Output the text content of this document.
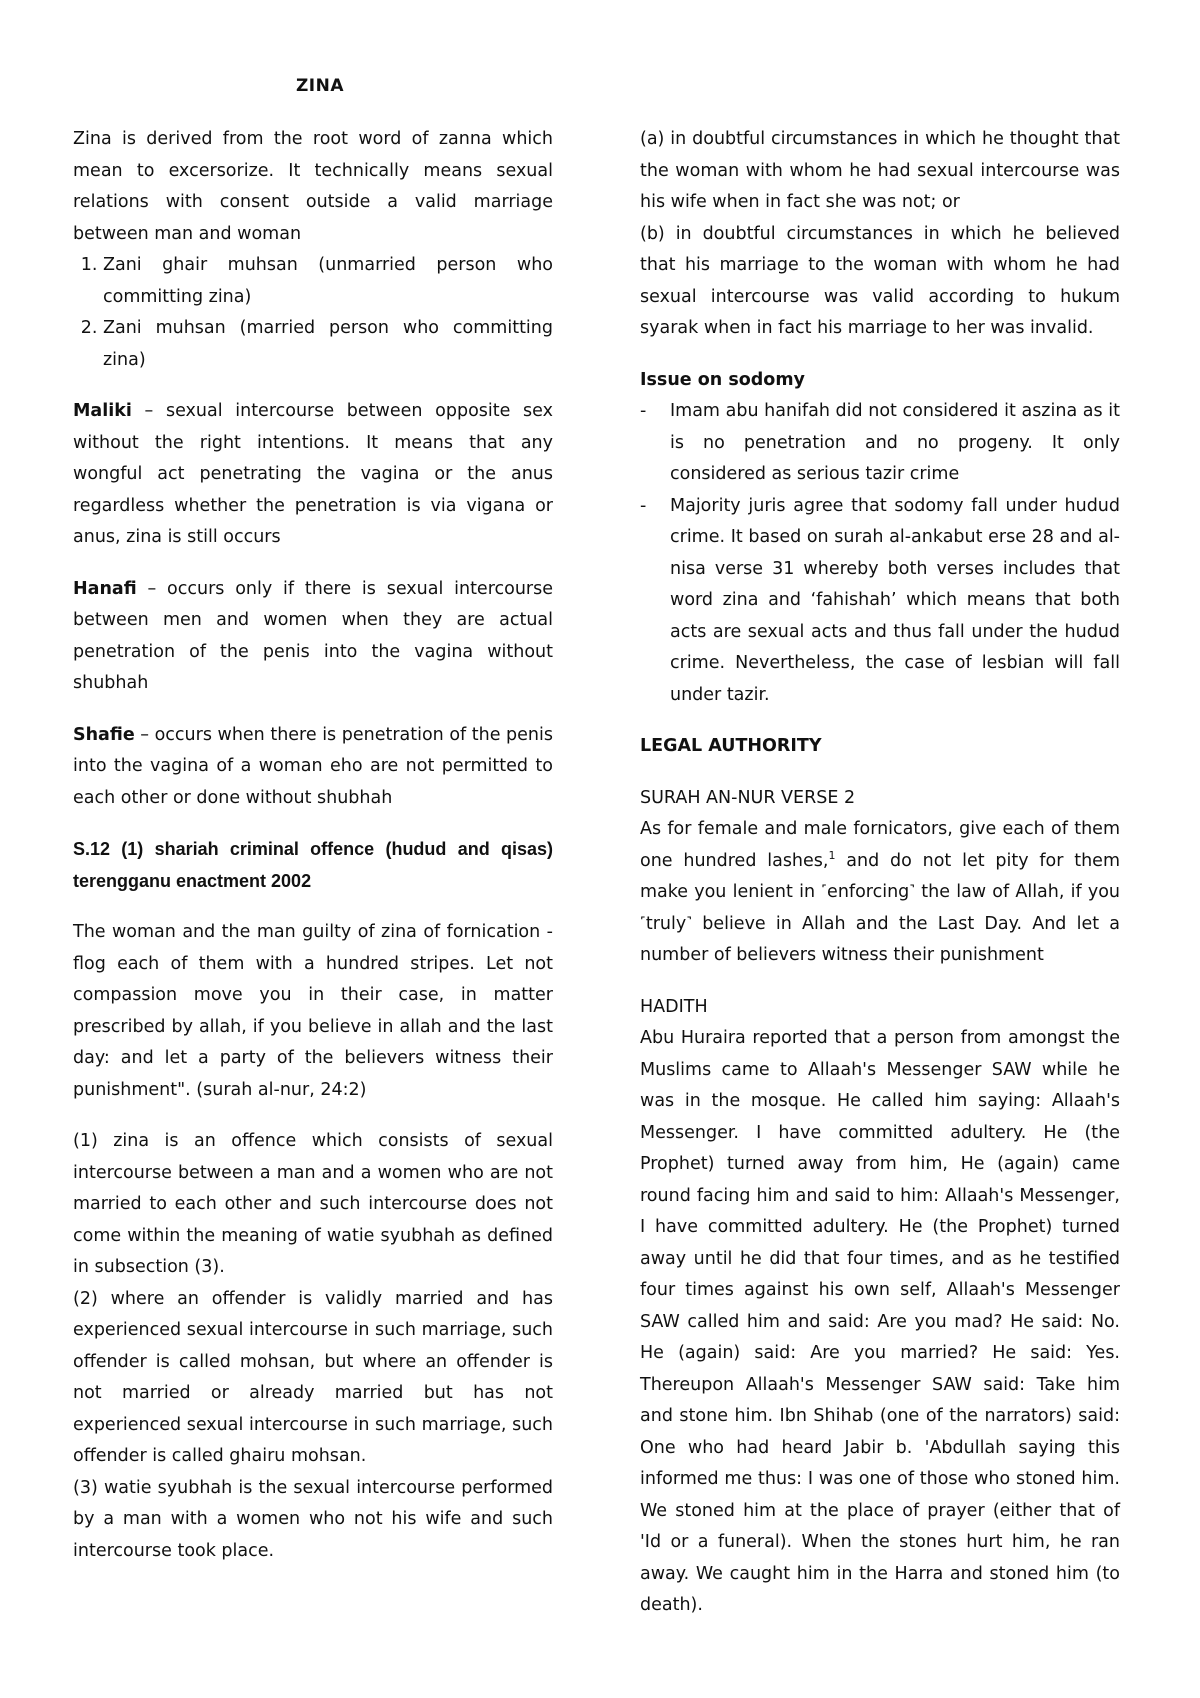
ZINA

Zina is derived from the root word of zanna which mean to excersorize. It technically means sexual relations with consent outside a valid marriage between man and woman

1. Zani ghair muhsan (unmarried person who committing zina)
2. Zani muhsan (married person who committing zina)

Maliki – sexual intercourse between opposite sex without the right intentions. It means that any wongful act penetrating the vagina or the anus regardless whether the penetration is via vigana or anus, zina is still occurs

Hanafi – occurs only if there is sexual intercourse between men and women when they are actual penetration of the penis into the vagina without shubhah

Shafie – occurs when there is penetration of the penis into the vagina of a woman eho are not permitted to each other or done without shubhah

S.12 (1) shariah criminal offence (hudud and qisas) terengganu enactment 2002

The woman and the man guilty of zina of fornication - flog each of them with a hundred stripes. Let not compassion move you in their case, in matter prescribed by allah, if you believe in allah and the last day: and let a party of the believers witness their punishment". (surah al-nur, 24:2)

(1) zina is an offence which consists of sexual intercourse between a man and a women who are not married to each other and such intercourse does not come within the meaning of watie syubhah as defined in subsection (3).

(2) where an offender is validly married and has experienced sexual intercourse in such marriage, such offender is called mohsan, but where an offender is not married or already married but has not experienced sexual intercourse in such marriage, such offender is called ghairu mohsan.

(3) watie syubhah is the sexual intercourse performed by a man with a women who not his wife and such intercourse took place.

(a) in doubtful circumstances in which he thought that the woman with whom he had sexual intercourse was his wife when in fact she was not; or

(b) in doubtful circumstances in which he believed that his marriage to the woman with whom he had sexual intercourse was valid according to hukum syarak when in fact his marriage to her was invalid.

Issue on sodomy

- Imam abu hanifah did not considered it aszina as it is no penetration and no progeny. It only considered as serious tazir crime
- Majority juris agree that sodomy fall under hudud crime. It based on surah al-ankabut erse 28 and al-nisa verse 31 whereby both verses includes that word zina and ‘fahishah’ which means that both acts are sexual acts and thus fall under the hudud crime. Nevertheless, the case of lesbian will fall under tazir.

LEGAL AUTHORITY

SURAH AN-NUR VERSE 2

As for female and male fornicators, give each of them one hundred lashes,$^1$ and do not let pity for them make you lenient in ˹enforcing˺ the law of Allah, if you ˹truly˺ believe in Allah and the Last Day. And let a number of believers witness their punishment

HADITH

Abu Huraira reported that a person from amongst the Muslims came to Allaah's Messenger SAW while he was in the mosque. He called him saying: Allaah's Messenger. I have committed adultery. He (the Prophet) turned away from him, He (again) came round facing him and said to him: Allaah's Messenger, I have committed adultery. He (the Prophet) turned away until he did that four times, and as he testified four times against his own self, Allaah's Messenger SAW called him and said: Are you mad? He said: No. He (again) said: Are you married? He said: Yes. Thereupon Allaah's Messenger SAW said: Take him and stone him. Ibn Shihab (one of the narrators) said: One who had heard Jabir b. 'Abdullah saying this informed me thus: I was one of those who stoned him. We stoned him at the place of prayer (either that of 'Id or a funeral). When the stones hurt him, he ran away. We caught him in the Harra and stoned him (to death).
